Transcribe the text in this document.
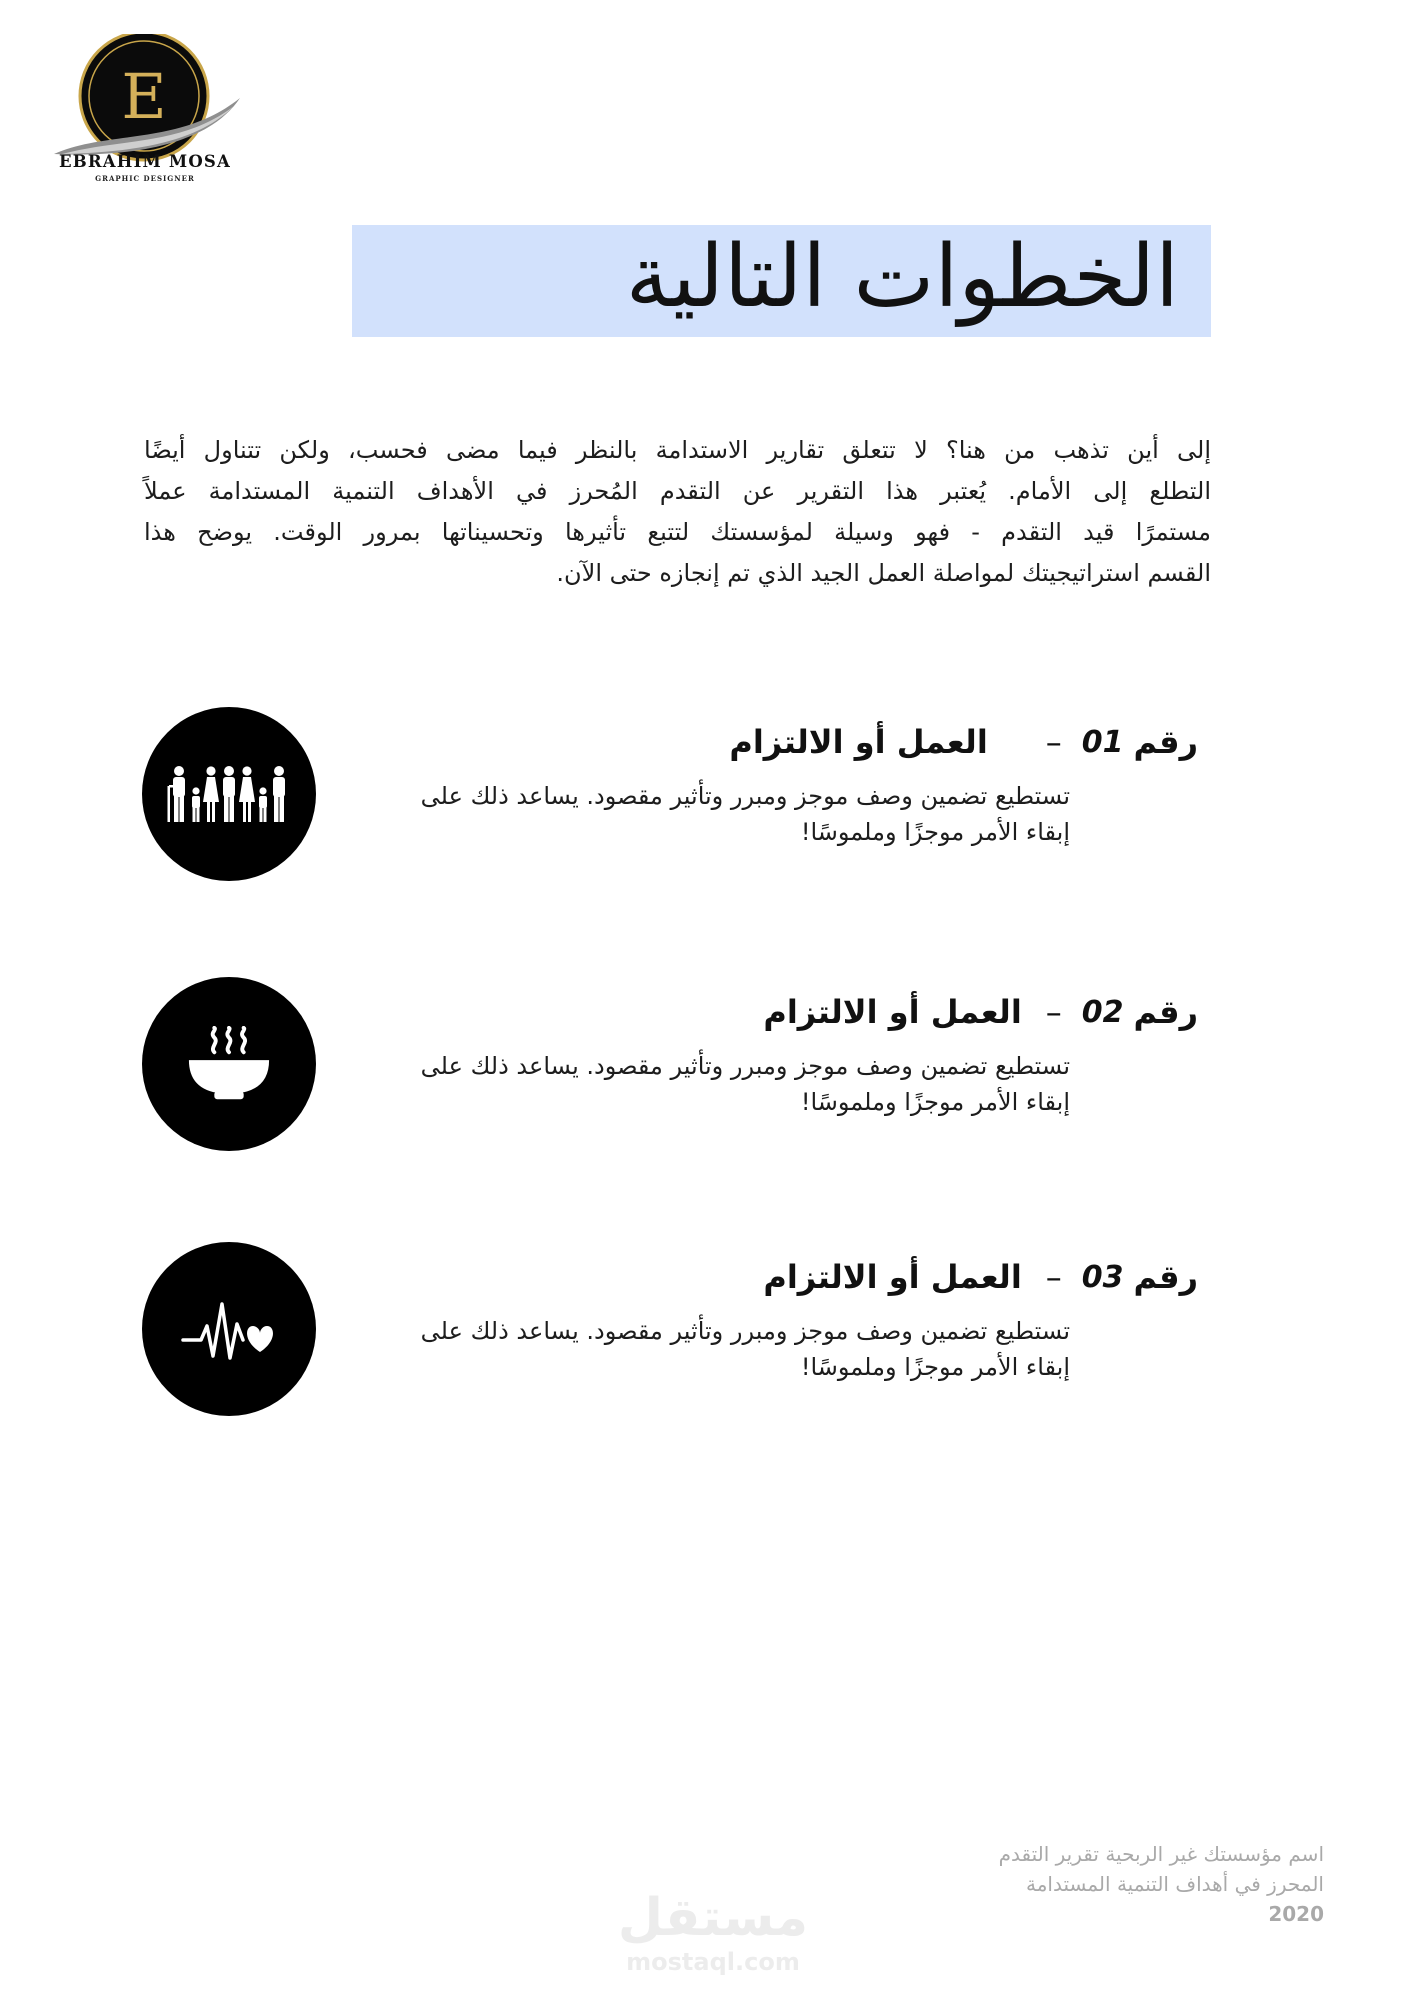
E
EBRAHIM MOSA
GRAPHIC DESIGNER
الخطوات التالية
إلى أين تذهب من هنا؟ لا تتعلق تقارير الاستدامة بالنظر فيما مضى فحسب، ولكن تتناول أيضًا
التطلع إلى الأمام. يُعتبر هذا التقرير عن التقدم المُحرز في الأهداف التنمية المستدامة عملاً
مستمرًا قيد التقدم - فهو وسيلة لمؤسستك لتتبع تأثيرها وتحسيناتها بمرور الوقت. يوضح هذا
القسم استراتيجيتك لمواصلة العمل الجيد الذي تم إنجازه حتى الآن.
رقم
01
–
العمل أو الالتزام
تستطيع تضمين وصف موجز ومبرر وتأثير مقصود. يساعد ذلك على
إبقاء الأمر موجزًا وملموسًا!
رقم
02
–
العمل أو الالتزام
تستطيع تضمين وصف موجز ومبرر وتأثير مقصود. يساعد ذلك على
إبقاء الأمر موجزًا وملموسًا!
رقم
03
–
العمل أو الالتزام
تستطيع تضمين وصف موجز ومبرر وتأثير مقصود. يساعد ذلك على
إبقاء الأمر موجزًا وملموسًا!
اسم مؤسستك غير الربحية تقرير التقدم
المحرز في أهداف التنمية المستدامة
2020
مستقل
mostaql.com
